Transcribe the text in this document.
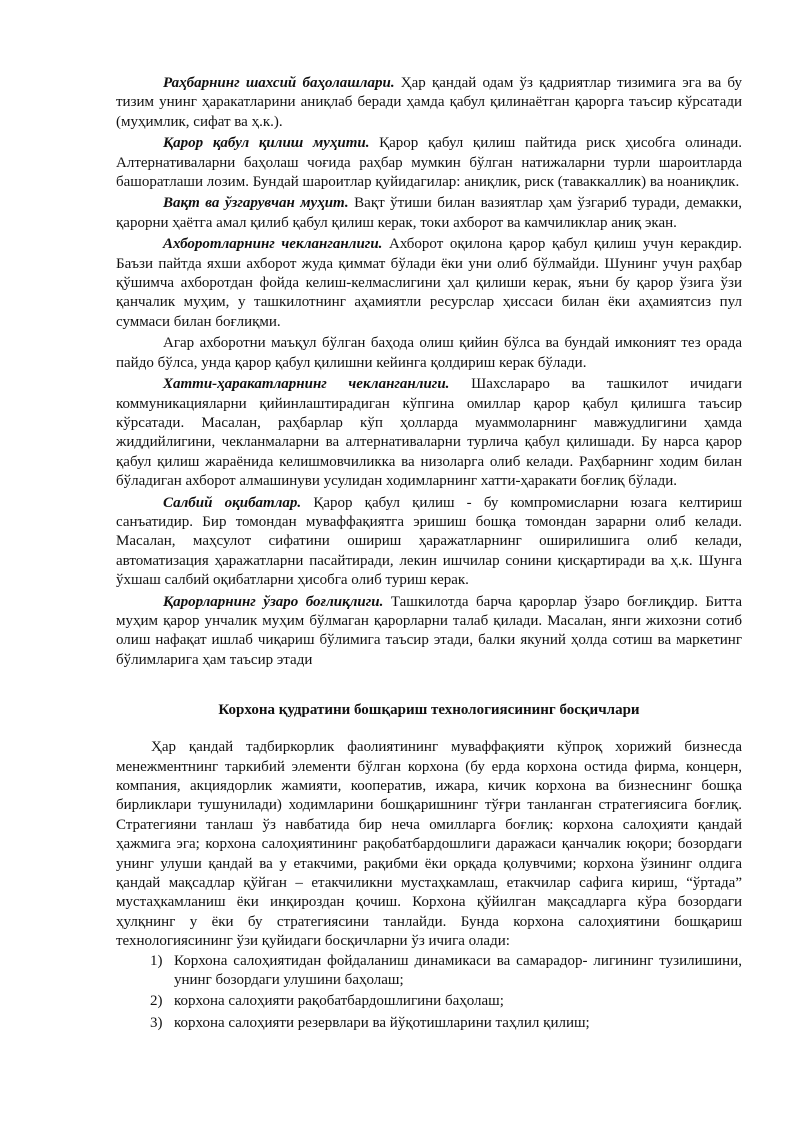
Раҳбарнинг шахсий баҳолашлари. Ҳар қандай одам ўз қадриятлар тизимига эга ва бу тизим унинг ҳаракатларини аниқлаб беради ҳамда қабул қилинаётган қарорга таъсир кўрсатади (муҳимлик, сифат ва ҳ.к.).

Қарор қабул қилиш муҳити. Қарор қабул қилиш пайтида риск ҳисобга олинади. Алтернативаларни баҳолаш чоғида раҳбар мумкин бўлган натижаларни турли шароитларда башоратлаши лозим. Бундай шароитлар қуйидагилар: аниқлик, риск (таваккаллик) ва ноаниқлик.

Вақт ва ўзгарувчан муҳит. Вақт ўтиши билан вазиятлар ҳам ўзгариб туради, демакки, қарорни ҳаётга амал қилиб қабул қилиш керак, токи ахборот ва камчиликлар аниқ экан.

Ахборотларнинг чекланганлиги. Ахборот оқилона қарор қабул қилиш учун керакдир. Баъзи пайтда яхши ахборот жуда қиммат бўлади ёки уни олиб бўлмайди. Шунинг учун раҳбар қўшимча ахборотдан фойда келиш-келмаслигини ҳал қилиши керак, яъни бу қарор ўзига ўзи қанчалик муҳим, у ташкилотнинг аҳамиятли ресурслар ҳиссаси билан ёки аҳамиятсиз пул суммаси билан боғлиқми.

Агар ахборотни маъқул бўлган баҳода олиш қийин бўлса ва бундай имконият тез орада пайдо бўлса, унда қарор қабул қилишни кейинга қолдириш керак бўлади.

Хатти-ҳаракатларнинг чекланганлиги. Шахсларaро ва ташкилот ичидаги коммуникацияларни қийинлаштирадиган кўпгина омиллар қарор қабул қилишга таъсир кўрсатади. Масалан, раҳбарлар кўп ҳолларда муаммоларнинг мавжудлигини ҳамда жиддийлигини, чекланмаларни ва алтернативаларни турлича қабул қилишади. Бу нарса қарор қабул қилиш жараёнида келишмовчиликка ва низоларга олиб келади. Раҳбарнинг ходим билан бўладиган ахборот алмашинуви усулидан ходимларнинг хатти-ҳаракати боғлиқ бўлади.

Салбий оқибатлар. Қарор қабул қилиш - бу компромисларни юзага келтириш санъатидир. Бир томондан муваффақиятга эришиш бошқа томондан зарарни олиб келади. Масалан, маҳсулот сифатини ошириш ҳаражатларнинг оширилишига олиб келади, автоматизация ҳаражатларни пасайтиради, лекин ишчилар сонини қисқартиради ва ҳ.к. Шунга ўхшаш салбий оқибатларни ҳисобга олиб туриш керак.

Қарорларнинг ўзаро боғлиқлиги. Ташкилотда барча қарорлар ўзаро боғлиқдир. Битта муҳим қарор унчалик муҳим бўлмаган қарорларни талаб қилади. Масалан, янги жихозни сотиб олиш нафақат ишлаб чиқариш бўлимига таъсир этади, балки якуний ҳолда сотиш ва маркетинг бўлимларига ҳам таъсир этади

Корхона қудратини бошқариш технологиясининг босқичлари

Ҳар қандай тадбиркорлик фаолиятининг муваффақияти кўпроқ хорижий бизнесда менежментнинг таркибий элементи бўлган корхона (бу ерда корхона остида фирма, концерн, компания, акциядорлик жамияти, кооператив, ижара, кичик корхона ва бизнеснинг бошқа бирликлари тушунилади) ходимларини бошқаришнинг тўғри танланган стратегиясига боғлиқ. Стратегияни танлаш ўз навбатида бир неча омилларга боғлиқ: корхона салоҳияти қандай ҳажмига эга; корхона салоҳиятининг рақобатбардошлиги даражаси қанчалик юқори; бозордаги унинг улуши қандай ва у етакчими, рақибми ёки орқада қолувчими; корхона ўзининг олдига қандай мақсадлар қўйган – етакчиликни мустаҳкамлаш, етакчилар сафига кириш, “ўртада” мустаҳкамланиш ёки инқироздан қочиш. Корхона қўйилган мақсадларга кўра бозордаги ҳулқнинг у ёки бу стратегиясини танлайди. Бунда корхона салоҳиятини бошқариш технологиясининг ўзи қуйидаги босқичларни ўз ичига олади:

1) Корхона салоҳиятидан фойдаланиш динамикаси ва самарадор- лигининг тузилишини, унинг бозордаги улушини баҳолаш;
2) корхона салоҳияти рақобатбардошлигини баҳолаш;
3) корхона салоҳияти резервлари ва йўқотишларини таҳлил қилиш;
